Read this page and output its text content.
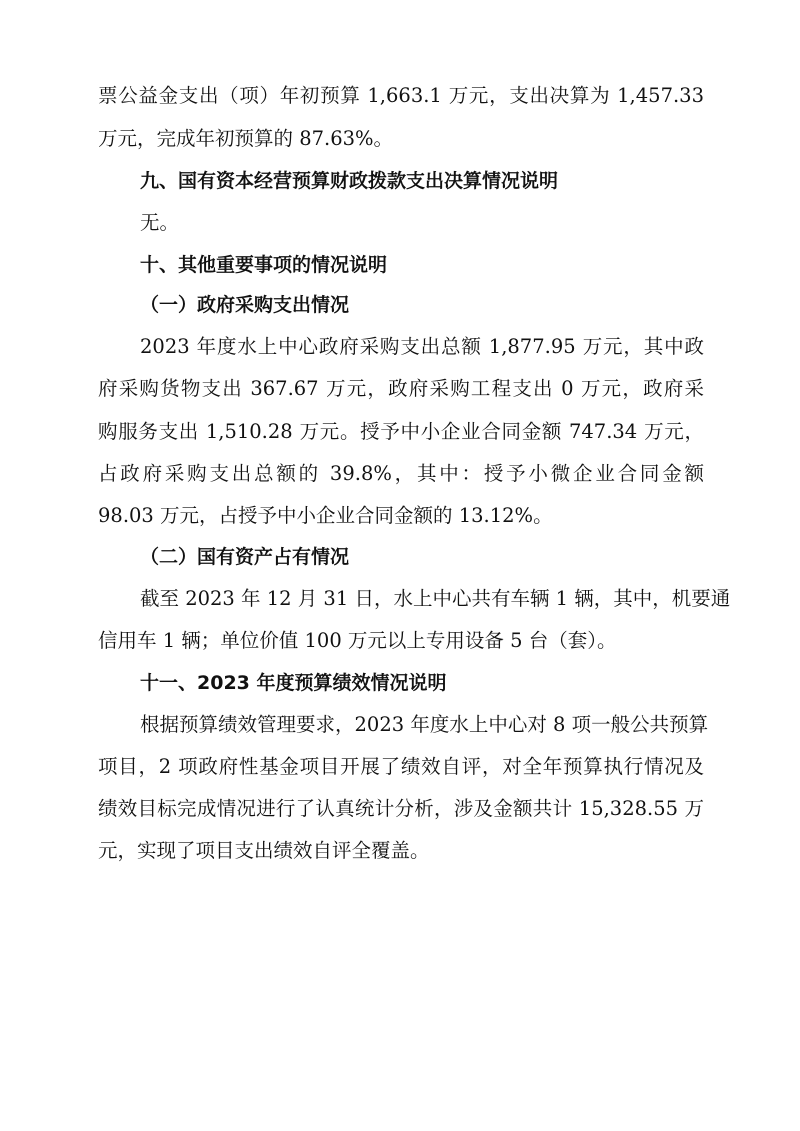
票公益金支出（项）年初预算 1,663.1 万元，支出决算为 1,457.33
万元，完成年初预算的 87.63%。
九、国有资本经营预算财政拨款支出决算情况说明
无。
十、其他重要事项的情况说明
（一）政府采购支出情况
2023 年度水上中心政府采购支出总额 1,877.95 万元，其中政
府采购货物支出 367.67 万元，政府采购工程支出 0 万元，政府采
购服务支出 1,510.28 万元。授予中小企业合同金额 747.34 万元，
占政府采购支出总额的 39.8%，其中：授予小微企业合同金额
98.03 万元，占授予中小企业合同金额的 13.12%。
（二）国有资产占有情况
截至 2023 年 12 月 31 日，水上中心共有车辆 1 辆，其中，机要通
信用车 1 辆；单位价值 100 万元以上专用设备 5 台（套）。
十一、2023 年度预算绩效情况说明
根据预算绩效管理要求，2023 年度水上中心对 8 项一般公共预算
项目，2 项政府性基金项目开展了绩效自评，对全年预算执行情况及
绩效目标完成情况进行了认真统计分析，涉及金额共计 15,328.55 万
元，实现了项目支出绩效自评全覆盖。
